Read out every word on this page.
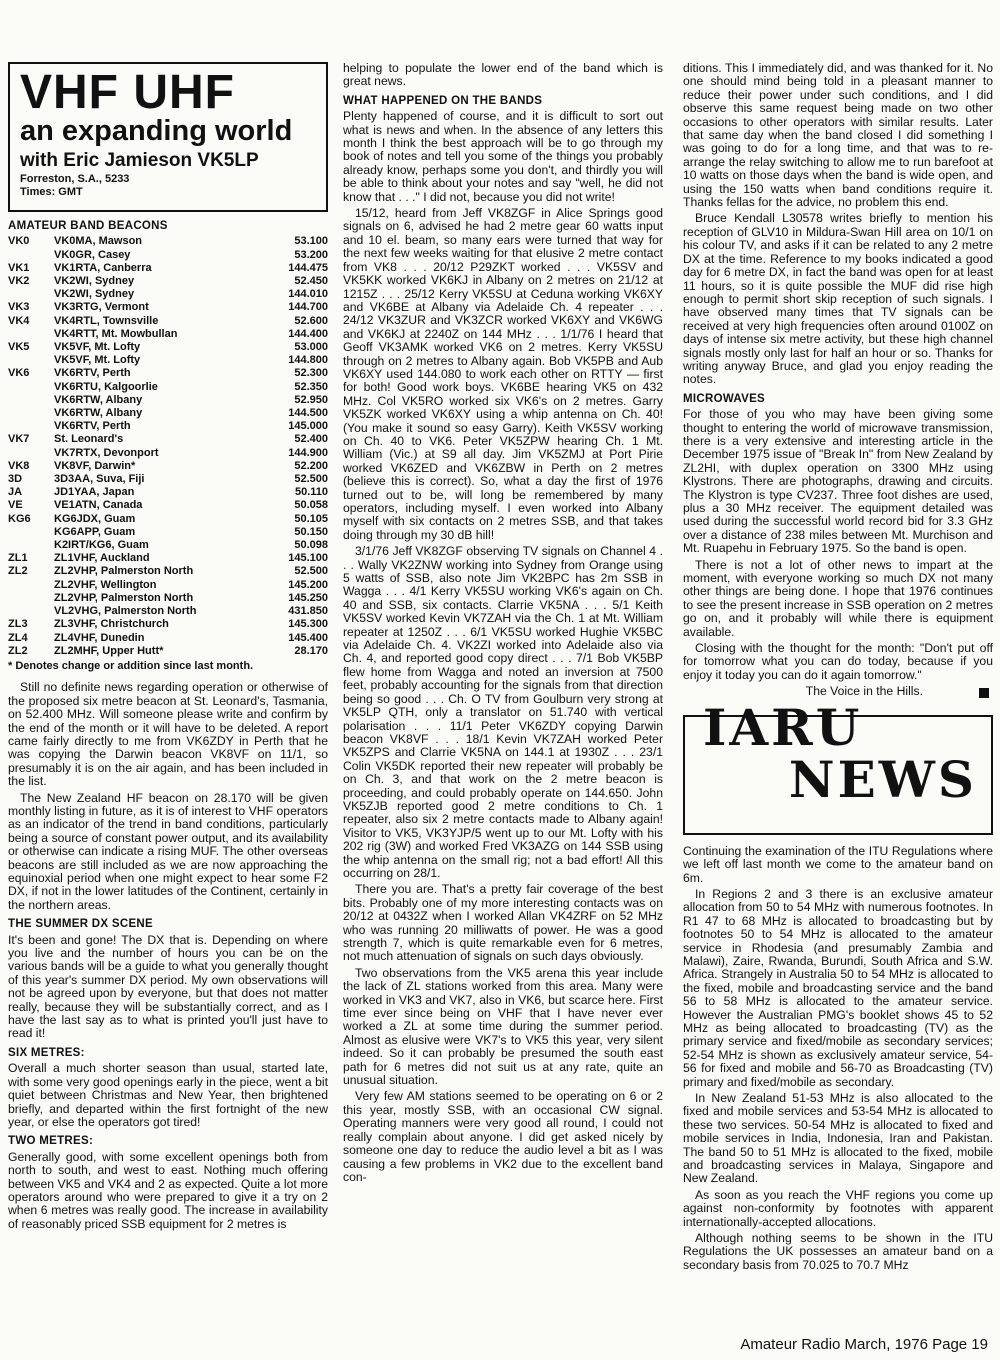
VHF UHF
an expanding world
with Eric Jamieson VK5LP
Forreston, S.A., 5233
Times: GMT
AMATEUR BAND BEACONS
VK0	VK0MA, Mawson	53.100
	VK0GR, Casey	53.200
VK1	VK1RTA, Canberra	144.475
VK2	VK2WI, Sydney	52.450
	VK2WI, Sydney	144.010
VK3	VK3RTG, Vermont	144.700
VK4	VK4RTL, Townsville	52.600
	VK4RTT, Mt. Mowbullan	144.400
VK5	VK5VF, Mt. Lofty	53.000
	VK5VF, Mt. Lofty	144.800
VK6	VK6RTV, Perth	52.300
	VK6RTU, Kalgoorlie	52.350
	VK6RTW, Albany	52.950
	VK6RTW, Albany	144.500
	VK6RTV, Perth	145.000
VK7	St. Leonard's	52.400
	VK7RTX, Devonport	144.900
VK8	VK8VF, Darwin*	52.200
3D	3D3AA, Suva, Fiji	52.500
JA	JD1YAA, Japan	50.110
VE	VE1ATN, Canada	50.058
KG6	KG6JDX, Guam	50.105
	KG6APP, Guam	50.150
	K2IRT/KG6, Guam	50.098
ZL1	ZL1VHF, Auckland	145.100
ZL2	ZL2VHP, Palmerston North	52.500
	ZL2VHF, Wellington	145.200
	ZL2VHP, Palmerston North	145.250
	VL2VHG, Palmerston North	431.850
ZL3	ZL3VHF, Christchurch	145.300
ZL4	ZL4VHF, Dunedin	145.400
ZL2	ZL2MHF, Upper Hutt*	28.170
* Denotes change or addition since last month.

Still no definite news regarding operation or otherwise of the proposed six metre beacon at St. Leonard's, Tasmania, on 52.400 MHz. Will someone please write and confirm by the end of the month or it will have to be deleted. A report came fairly directly to me from VK6ZDY in Perth that he was copying the Darwin beacon VK8VF on 11/1, so presumably it is on the air again, and has been included in the list.

The New Zealand HF beacon on 28.170 will be given monthly listing in future, as it is of interest to VHF operators as an indicator of the trend in band conditions, particularly being a source of constant power output, and its availability or otherwise can indicate a rising MUF. The other overseas beacons are still included as we are now approaching the equinoxial period when one might expect to hear some F2 DX, if not in the lower latitudes of the Continent, certainly in the northern areas.

THE SUMMER DX SCENE

It's been and gone! The DX that is. Depending on where you live and the number of hours you can be on the various bands will be a guide to what you generally thought of this year's summer DX period. My own observations will not be agreed upon by everyone, but that does not matter really, because they will be substantially correct, and as I have the last say as to what is printed you'll just have to read it!

SIX METRES:

Overall a much shorter season than usual, started late, with some very good openings early in the piece, went a bit quiet between Christmas and New Year, then brightened briefly, and departed within the first fortnight of the new year, or else the operators got tired!

TWO METRES:

Generally good, with some excellent openings both from north to south, and west to east. Nothing much offering between VK5 and VK4 and 2 as expected. Quite a lot more operators around who were prepared to give it a try on 2 when 6 metres was really good. The increase in availability of reasonably priced SSB equipment for 2 metres is

helping to populate the lower end of the band which is great news.

WHAT HAPPENED ON THE BANDS

Plenty happened of course, and it is difficult to sort out what is news and when. In the absence of any letters this month I think the best approach will be to go through my book of notes and tell you some of the things you probably already know, perhaps some you don't, and thirdly you will be able to think about your notes and say "well, he did not know that . . ." I did not, because you did not write!

15/12, heard from Jeff VK8ZGF in Alice Springs good signals on 6, advised he had 2 metre gear 60 watts input and 10 el. beam, so many ears were turned that way for the next few weeks waiting for that elusive 2 metre contact from VK8 . . . 20/12 P29ZKT worked . . . VK5SV and VK5KK worked VK6KJ in Albany on 2 metres on 21/12 at 1215Z . . . 25/12 Kerry VK5SU at Ceduna working VK6XY and VK6BE at Albany via Adelaide Ch. 4 repeater . . . 24/12 VK3ZUR and VK3ZCR worked VK6XY and VK6WG and VK6KJ at 2240Z on 144 MHz . . . 1/1/76 I heard that Geoff VK3AMK worked VK6 on 2 metres. Kerry VK5SU through on 2 metres to Albany again. Bob VK5PB and Aub VK6XY used 144.080 to work each other on RTTY — first for both! Good work boys. VK6BE hearing VK5 on 432 MHz. Col VK5RO worked six VK6's on 2 metres. Garry VK5ZK worked VK6XY using a whip antenna on Ch. 40! (You make it sound so easy Garry). Keith VK5SV working on Ch. 40 to VK6. Peter VK5ZPW hearing Ch. 1 Mt. William (Vic.) at S9 all day. Jim VK5ZMJ at Port Pirie worked VK6ZED and VK6ZBW in Perth on 2 metres (believe this is correct). So, what a day the first of 1976 turned out to be, will long be remembered by many operators, including myself. I even worked into Albany myself with six contacts on 2 metres SSB, and that takes doing through my 30 dB hill!

3/1/76 Jeff VK8ZGF observing TV signals on Channel 4 . . . Wally VK2ZNW working into Sydney from Orange using 5 watts of SSB, also note Jim VK2BPC has 2m SSB in Wagga . . . 4/1 Kerry VK5SU working VK6's again on Ch. 40 and SSB, six contacts. Clarrie VK5NA . . . 5/1 Keith VK5SV worked Kevin VK7ZAH via the Ch. 1 at Mt. William repeater at 1250Z . . . 6/1 VK5SU worked Hughie VK5BC via Adelaide Ch. 4. VK2ZI worked into Adelaide also via Ch. 4, and reported good copy direct . . . 7/1 Bob VK5BP flew home from Wagga and noted an inversion at 7500 feet, probably accounting for the signals from that direction being so good . . . Ch. O TV from Goulburn very strong at VK5LP QTH, only a translator on 51.740 with vertical polarisation . . . 11/1 Peter VK6ZDY copying Darwin beacon VK8VF . . . 18/1 Kevin VK7ZAH worked Peter VK5ZPS and Clarrie VK5NA on 144.1 at 1930Z . . . 23/1 Colin VK5DK reported their new repeater will probably be on Ch. 3, and that work on the 2 metre beacon is proceeding, and could probably operate on 144.650. John VK5ZJB reported good 2 metre conditions to Ch. 1 repeater, also six 2 metre contacts made to Albany again! Visitor to VK5, VK3YJP/5 went up to our Mt. Lofty with his 202 rig (3W) and worked Fred VK3AZG on 144 SSB using the whip antenna on the small rig; not a bad effort! All this occurring on 28/1.

There you are. That's a pretty fair coverage of the best bits. Probably one of my more interesting contacts was on 20/12 at 0432Z when I worked Allan VK4ZRF on 52 MHz who was running 20 milliwatts of power. He was a good strength 7, which is quite remarkable even for 6 metres, not much attenuation of signals on such days obviously.

Two observations from the VK5 arena this year include the lack of ZL stations worked from this area. Many were worked in VK3 and VK7, also in VK6, but scarce here. First time ever since being on VHF that I have never ever worked a ZL at some time during the summer period. Almost as elusive were VK7's to VK5 this year, very silent indeed. So it can probably be presumed the south east path for 6 metres did not suit us at any rate, quite an unusual situation.

Very few AM stations seemed to be operating on 6 or 2 this year, mostly SSB, with an occasional CW signal. Operating manners were very good all round, I could not really complain about anyone. I did get asked nicely by someone one day to reduce the audio level a bit as I was causing a few problems in VK2 due to the excellent band con-

ditions. This I immediately did, and was thanked for it. No one should mind being told in a pleasant manner to reduce their power under such conditions, and I did observe this same request being made on two other occasions to other operators with similar results. Later that same day when the band closed I did something I was going to do for a long time, and that was to re-arrange the relay switching to allow me to run barefoot at 10 watts on those days when the band is wide open, and using the 150 watts when band conditions require it. Thanks fellas for the advice, no problem this end.

Bruce Kendall L30578 writes briefly to mention his reception of GLV10 in Mildura-Swan Hill area on 10/1 on his colour TV, and asks if it can be related to any 2 metre DX at the time. Reference to my books indicated a good day for 6 metre DX, in fact the band was open for at least 11 hours, so it is quite possible the MUF did rise high enough to permit short skip reception of such signals. I have observed many times that TV signals can be received at very high frequencies often around 0100Z on days of intense six metre activity, but these high channel signals mostly only last for half an hour or so. Thanks for writing anyway Bruce, and glad you enjoy reading the notes.

MICROWAVES

For those of you who may have been giving some thought to entering the world of microwave transmission, there is a very extensive and interesting article in the December 1975 issue of "Break In" from New Zealand by ZL2HI, with duplex operation on 3300 MHz using Klystrons. There are photographs, drawing and circuits. The Klystron is type CV237. Three foot dishes are used, plus a 30 MHz receiver. The equipment detailed was used during the successful world record bid for 3.3 GHz over a distance of 238 miles between Mt. Murchison and Mt. Ruapehu in February 1975. So the band is open.

There is not a lot of other news to impart at the moment, with everyone working so much DX not many other things are being done. I hope that 1976 continues to see the present increase in SSB operation on 2 metres go on, and it probably will while there is equipment available.

Closing with the thought for the month: "Don't put off for tomorrow what you can do today, because if you enjoy it today you can do it again tomorrow."

The Voice in the Hills.
IARU
NEWS

Continuing the examination of the ITU Regulations where we left off last month we come to the amateur band on 6m.

In Regions 2 and 3 there is an exclusive amateur allocation from 50 to 54 MHz with numerous footnotes. In R1 47 to 68 MHz is allocated to broadcasting but by footnotes 50 to 54 MHz is allocated to the amateur service in Rhodesia (and presumably Zambia and Malawi), Zaire, Rwanda, Burundi, South Africa and S.W. Africa. Strangely in Australia 50 to 54 MHz is allocated to the fixed, mobile and broadcasting service and the band 56 to 58 MHz is allocated to the amateur service. However the Australian PMG's booklet shows 45 to 52 MHz as being allocated to broadcasting (TV) as the primary service and fixed/mobile as secondary services; 52-54 MHz is shown as exclusively amateur service, 54-56 for fixed and mobile and 56-70 as Broadcasting (TV) primary and fixed/mobile as secondary.

In New Zealand 51-53 MHz is also allocated to the fixed and mobile services and 53-54 MHz is allocated to these two services. 50-54 MHz is allocated to fixed and mobile services in India, Indonesia, Iran and Pakistan. The band 50 to 51 MHz is allocated to the fixed, mobile and broadcasting services in Malaya, Singapore and New Zealand.

As soon as you reach the VHF regions you come up against non-conformity by footnotes with apparent internationally-accepted allocations.

Although nothing seems to be shown in the ITU Regulations the UK possesses an amateur band on a secondary basis from 70.025 to 70.7 MHz

Amateur Radio March, 1976 Page 19
